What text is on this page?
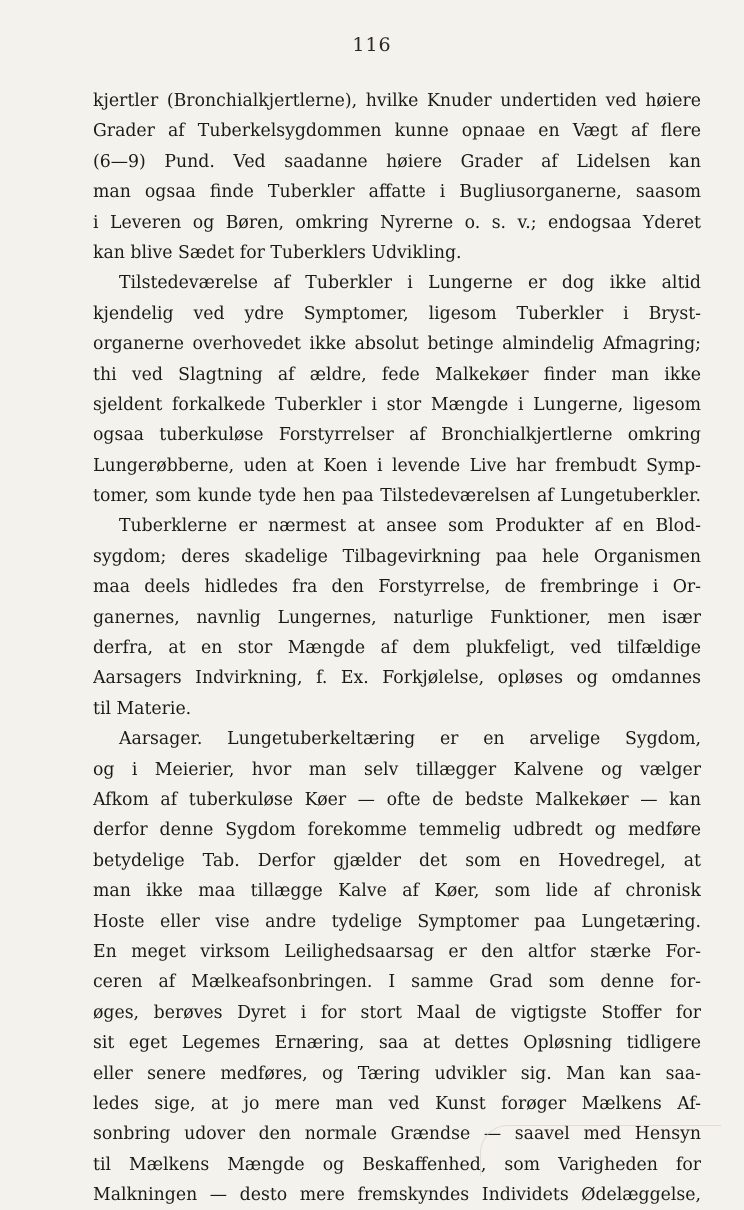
116
kjertler (Bronchialkjertlerne), hvilke Knuder undertiden ved høiere
Grader af Tuberkelsygdommen kunne opnaae en Vægt af flere
(6—9) Pund. Ved saadanne høiere Grader af Lidelsen kan
man ogsaa finde Tuberkler affatte i Bugliusorganerne, saasom
i Leveren og Børen, omkring Nyrerne o. s. v.; endogsaa Yderet
kan blive Sædet for Tuberklers Udvikling.
Tilstedeværelse af Tuberkler i Lungerne er dog ikke altid
kjendelig ved ydre Symptomer, ligesom Tuberkler i Bryst-
organerne overhovedet ikke absolut betinge almindelig Afmagring;
thi ved Slagtning af ældre, fede Malkekøer finder man ikke
sjeldent forkalkede Tuberkler i stor Mængde i Lungerne, ligesom
ogsaa tuberkuløse Forstyrrelser af Bronchialkjertlerne omkring
Lungerøbberne, uden at Koen i levende Live har frembudt Symp-
tomer, som kunde tyde hen paa Tilstedeværelsen af Lungetuberkler.
Tuberklerne er nærmest at ansee som Produkter af en Blod-
sygdom; deres skadelige Tilbagevirkning paa hele Organismen
maa deels hidledes fra den Forstyrrelse, de frembringe i Or-
ganernes, navnlig Lungernes, naturlige Funktioner, men især
derfra, at en stor Mængde af dem plukfeligt, ved tilfældige
Aarsagers Indvirkning, f. Ex. Forkjølelse, opløses og omdannes
til Materie.
Aarsager. Lungetuberkeltæring er en arvelige Sygdom,
og i Meierier, hvor man selv tillægger Kalvene og vælger
Afkom af tuberkuløse Køer — ofte de bedste Malkekøer — kan
derfor denne Sygdom forekomme temmelig udbredt og medføre
betydelige Tab. Derfor gjælder det som en Hovedregel, at
man ikke maa tillægge Kalve af Køer, som lide af chronisk
Hoste eller vise andre tydelige Symptomer paa Lungetæring.
En meget virksom Leilighedsaarsag er den altfor stærke For-
ceren af Mælkeafsonbringen. I samme Grad som denne for-
øges, berøves Dyret i for stort Maal de vigtigste Stoffer for
sit eget Legemes Ernæring, saa at dettes Opløsning tidligere
eller senere medføres, og Tæring udvikler sig. Man kan saa-
ledes sige, at jo mere man ved Kunst forøger Mælkens Af-
sonbring udover den normale Grændse — saavel med Hensyn
til Mælkens Mængde og Beskaffenhed, som Varigheden for
Malkningen — desto mere fremskyndes Individets Ødelæggelse,
